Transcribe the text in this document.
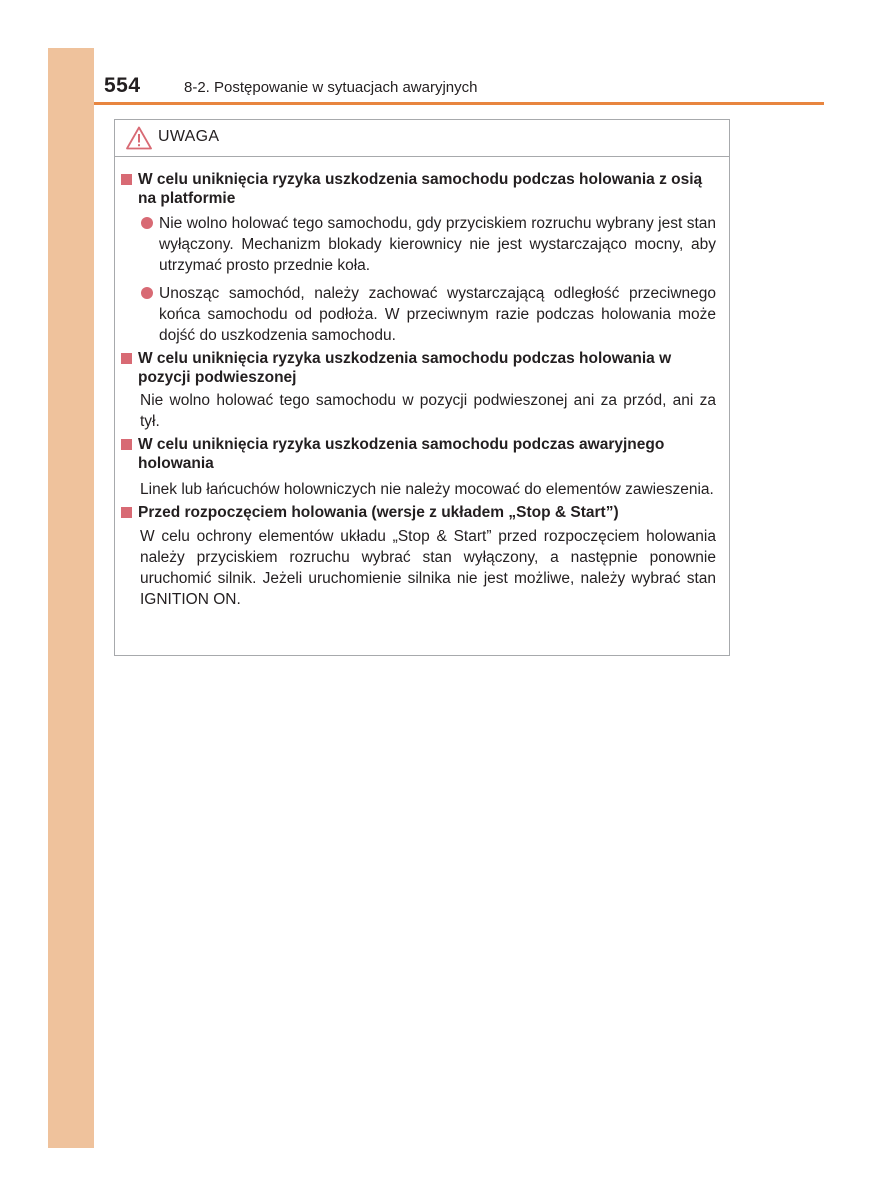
554	8-2. Postępowanie w sytuacjach awaryjnych
UWAGA
W celu uniknięcia ryzyka uszkodzenia samochodu podczas holowania z osią na platformie
Nie wolno holować tego samochodu, gdy przyciskiem rozruchu wybrany jest stan wyłączony. Mechanizm blokady kierownicy nie jest wystarczająco mocny, aby utrzymać prosto przednie koła.
Unosząc samochód, należy zachować wystarczającą odległość przeciwnego końca samochodu od podłoża. W przeciwnym razie podczas holowania może dojść do uszkodzenia samochodu.
W celu uniknięcia ryzyka uszkodzenia samochodu podczas holowania w pozycji podwieszonej
Nie wolno holować tego samochodu w pozycji podwieszonej ani za przód, ani za tył.
W celu uniknięcia ryzyka uszkodzenia samochodu podczas awaryjnego holowania
Linek lub łańcuchów holowniczych nie należy mocować do elementów zawieszenia.
Przed rozpoczęciem holowania (wersje z układem „Stop & Start”)
W celu ochrony elementów układu „Stop & Start” przed rozpoczęciem holowania należy przyciskiem rozruchu wybrać stan wyłączony, a następnie ponownie uruchomić silnik. Jeżeli uruchomienie silnika nie jest możliwe, należy wybrać stan IGNITION ON.
